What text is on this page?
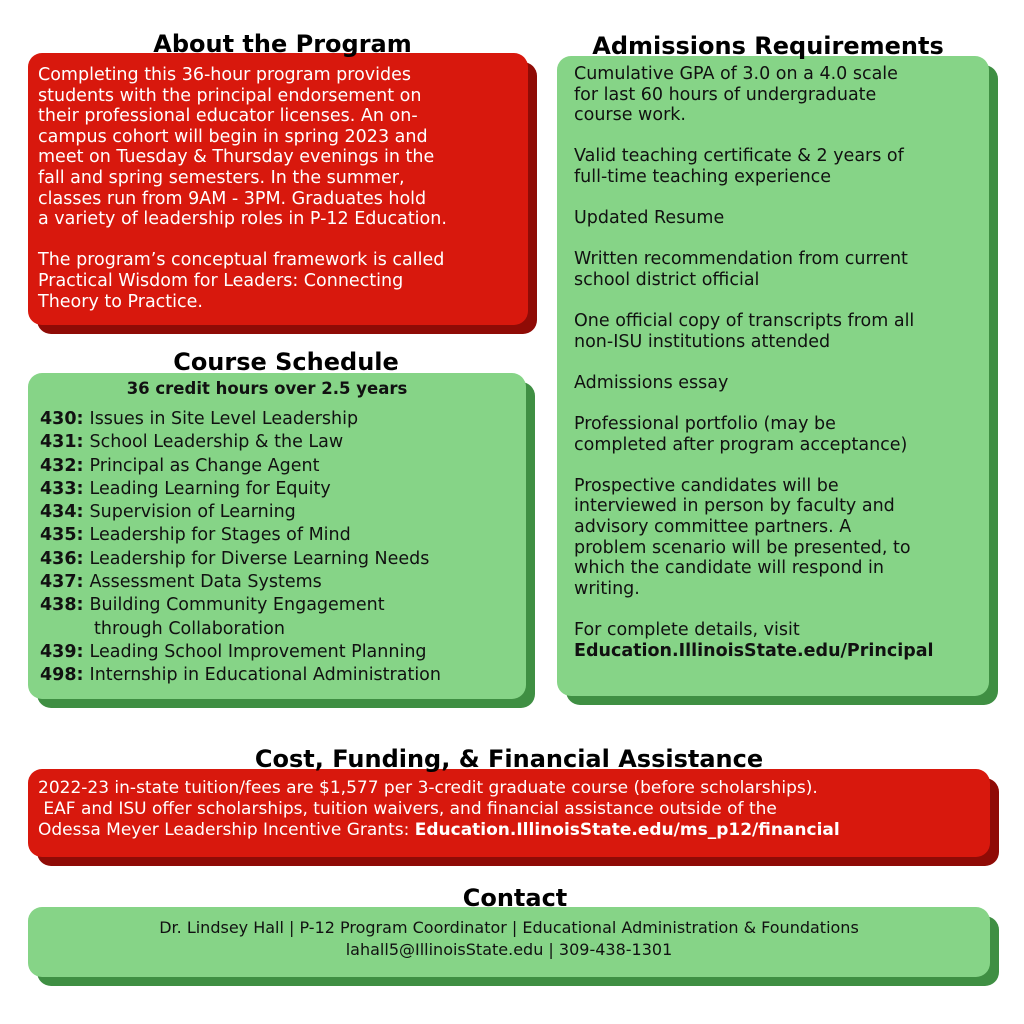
About the Program
Completing this 36-hour program provides
students with the principal endorsement on
their professional educator licenses. An on-
campus cohort will begin in spring 2023 and
meet on Tuesday & Thursday evenings in the
fall and spring semesters. In the summer,
classes run from 9AM - 3PM. Graduates hold
a variety of leadership roles in P-12 Education.
The program’s conceptual framework is called
Practical Wisdom for Leaders: Connecting
Theory to Practice.
Admissions Requirements
Cumulative GPA of 3.0 on a 4.0 scale
for last 60 hours of undergraduate
course work.
Valid teaching certificate & 2 years of
full-time teaching experience
Updated Resume
Written recommendation from current
school district official
One official copy of transcripts from all
non-ISU institutions attended
Admissions essay
Professional portfolio (may be
completed after program acceptance)
Prospective candidates will be
interviewed in person by faculty and
advisory committee partners. A
problem scenario will be presented, to
which the candidate will respond in
writing.
For complete details, visit
Education.IllinoisState.edu/Principal
Course Schedule
36 credit hours over 2.5 years
430: Issues in Site Level Leadership
431: School Leadership & the Law
432: Principal as Change Agent
433: Leading Learning for Equity
434: Supervision of Learning
435: Leadership for Stages of Mind
436: Leadership for Diverse Learning Needs
437: Assessment Data Systems
438: Building Community Engagement
through Collaboration
439: Leading School Improvement Planning
498: Internship in Educational Administration
Cost, Funding, & Financial Assistance
2022-23 in-state tuition/fees are $1,577 per 3-credit graduate course (before scholarships).
EAF and ISU offer scholarships, tuition waivers, and financial assistance outside of the
Odessa Meyer Leadership Incentive Grants: Education.IllinoisState.edu/ms_p12/financial
Contact
Dr. Lindsey Hall | P-12 Program Coordinator | Educational Administration & Foundations
lahall5@IllinoisState.edu | 309-438-1301
